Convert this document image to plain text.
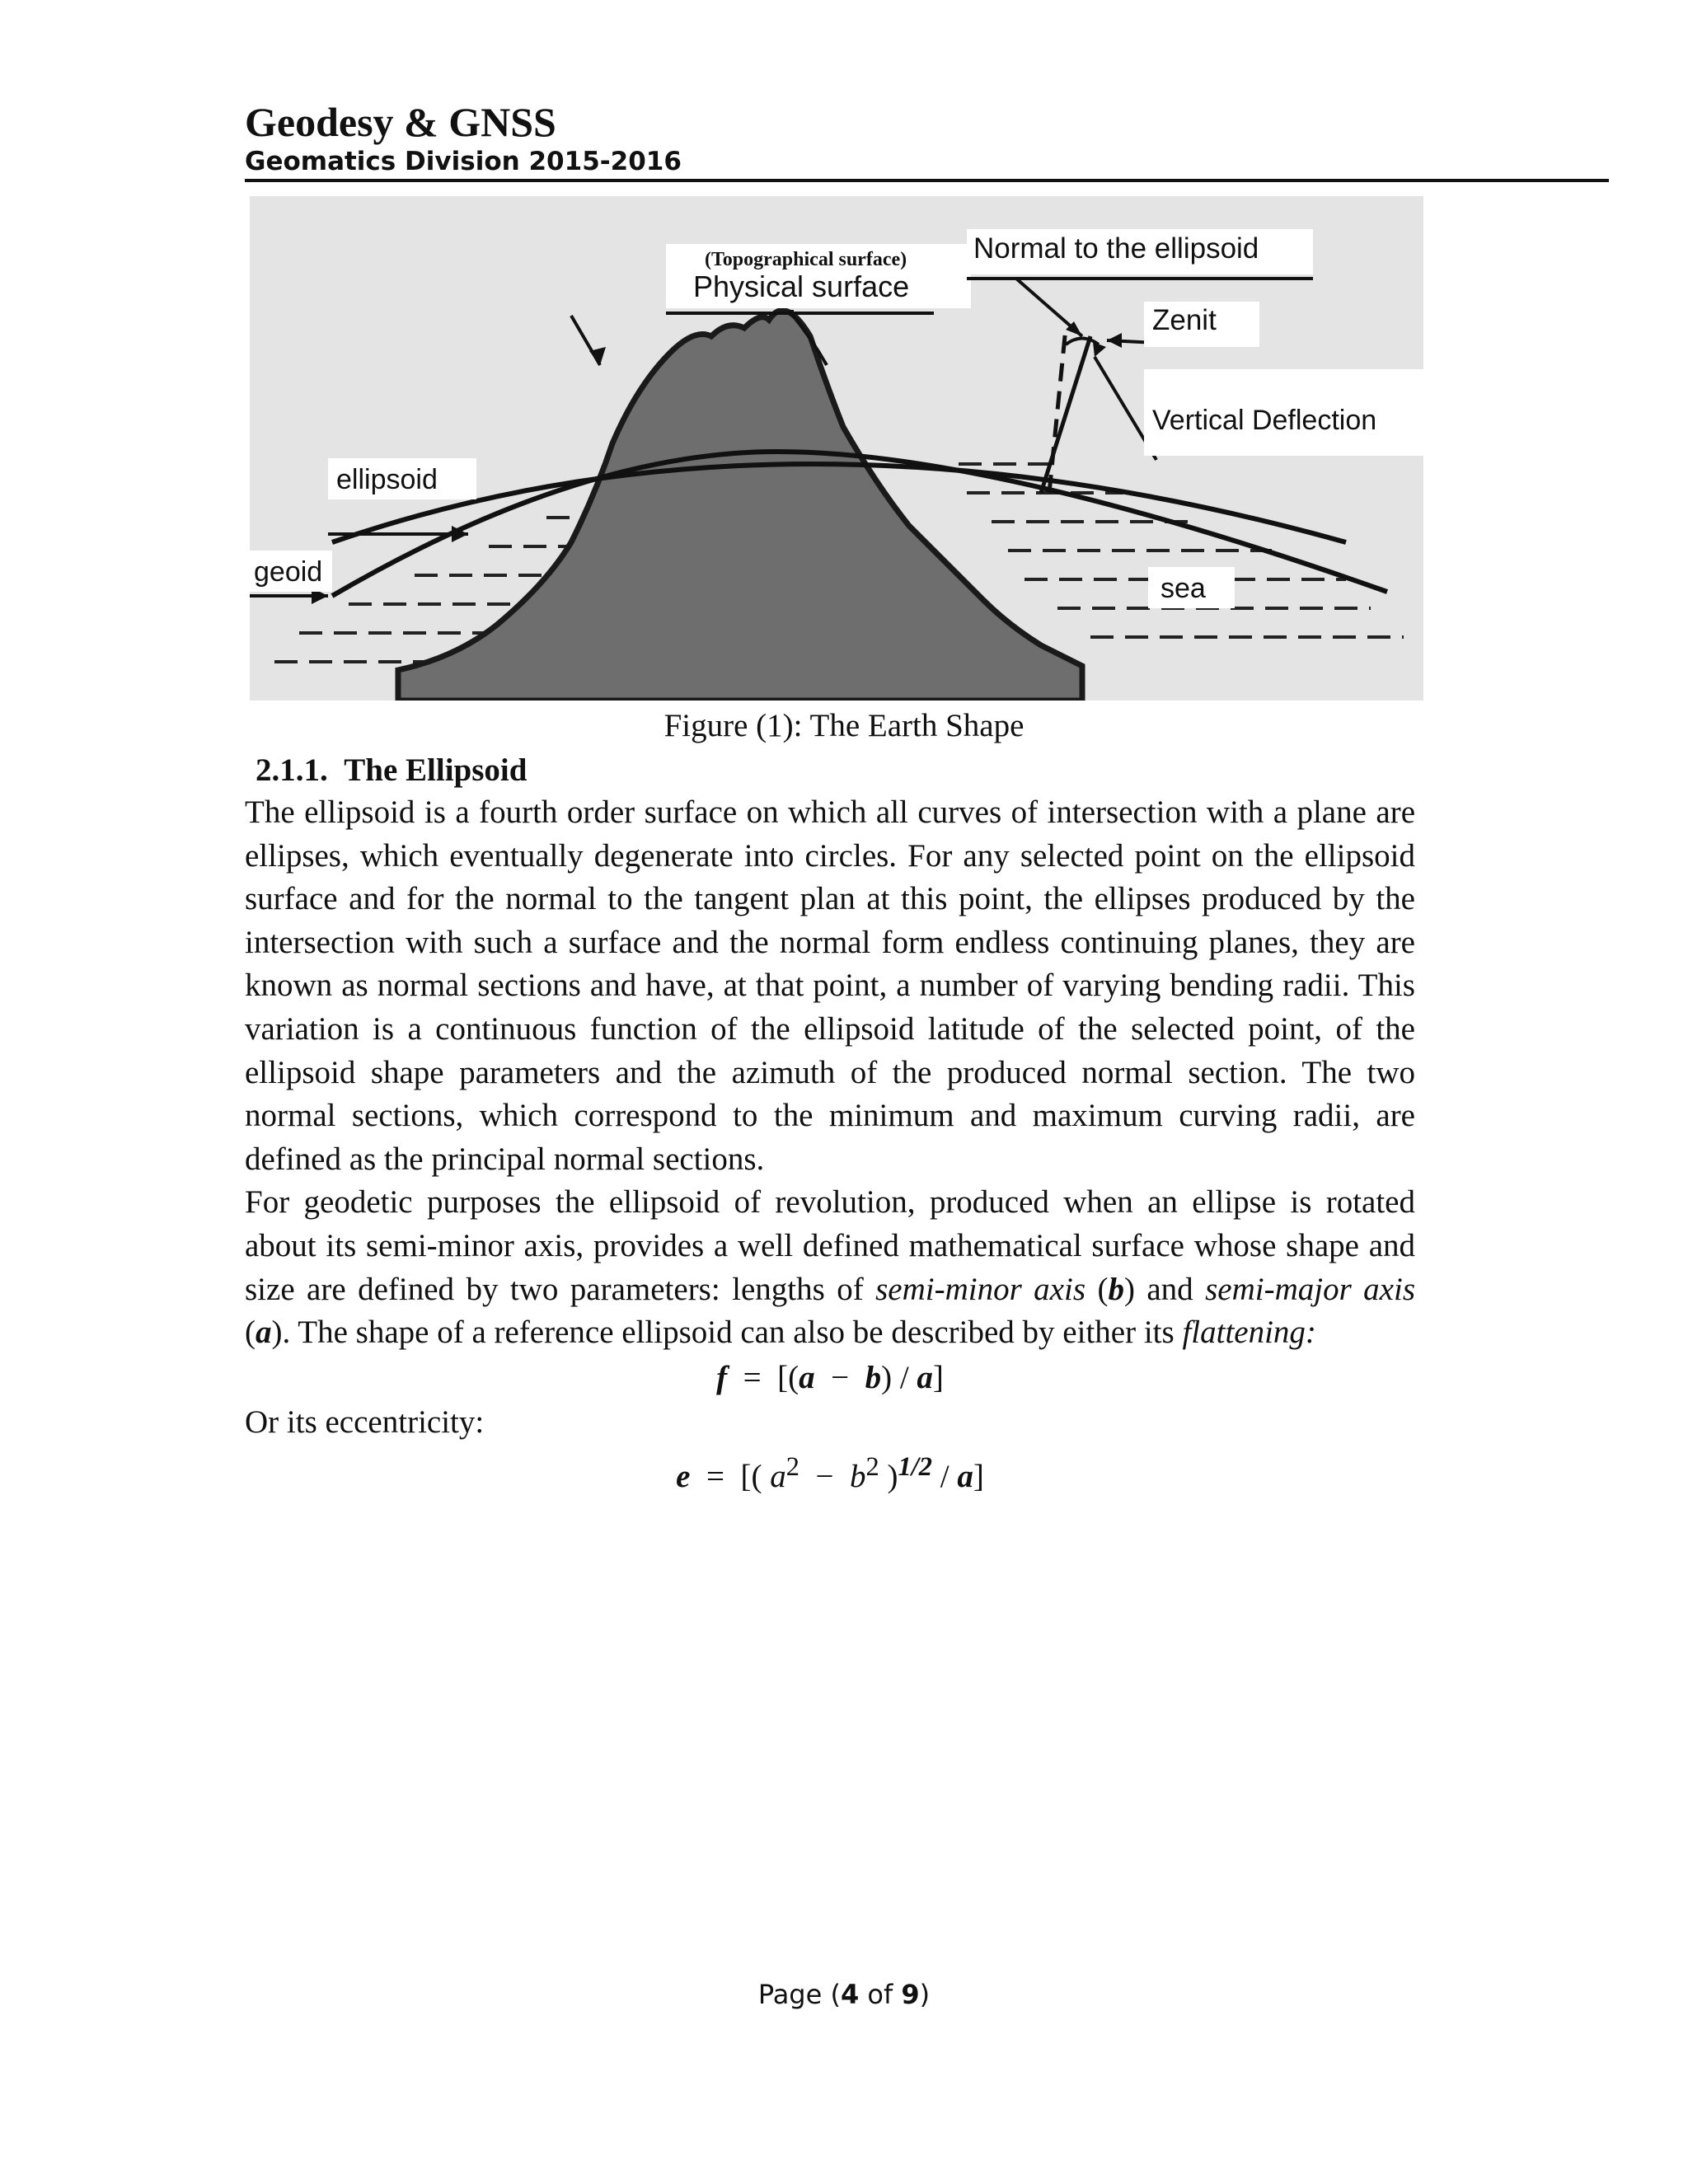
Geodesy & GNSS
Geomatics Division 2015-2016
(Topographical surface)
Physical surface
Normal to the ellipsoid
Zenit
Vertical Deflection
ellipsoid
geoid
sea
Figure (1): The Earth Shape
2.1.1. The Ellipsoid

The ellipsoid is a fourth order surface on which all curves of intersection with a plane are ellipses, which eventually degenerate into circles. For any selected point on the ellipsoid surface and for the normal to the tangent plan at this point, the ellipses produced by the intersection with such a surface and the normal form endless continuing planes, they are known as normal sections and have, at that point, a number of varying bending radii. This variation is a continuous function of the ellipsoid latitude of the selected point, of the ellipsoid shape parameters and the azimuth of the produced normal section. The two normal sections, which correspond to the minimum and maximum curving radii, are defined as the principal normal sections.

For geodetic purposes the ellipsoid of revolution, produced when an ellipse is rotated about its semi-minor axis, provides a well defined mathematical surface whose shape and size are defined by two parameters: lengths of semi-minor axis (b) and semi-major axis (a). The shape of a reference ellipsoid can also be described by either its flattening:

f = [(a − b) / a]

Or its eccentricity:

e = [( $a^2 - b^2$ )$^{1/2}$ / a]

Page (4 of 9)
